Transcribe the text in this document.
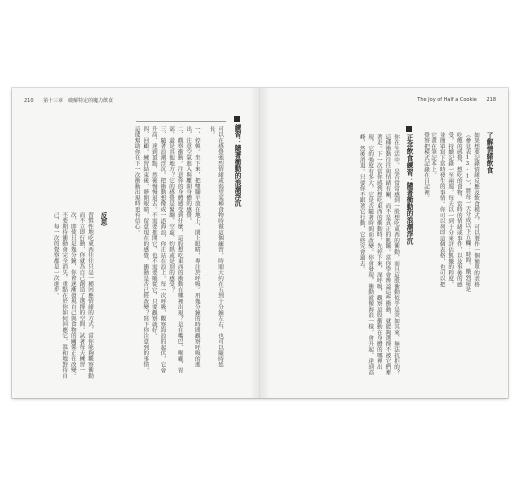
210 第十三章　破解特定的魔力飲食
練習：隨著衝動的浪潮浮沉
可以在感覺強烈情緒或渴望某種食物時做這個練習，時間大約在五到十分鐘左右，也可以隨時延長。
一、停頓。坐下來，把雙腳平放在地上，閉上眼睛，專注於呼吸。用幾分鐘的時間觀察呼吸的進出，注意空氣進入與離開身體的感覺。
二、觀察衝動。注意你的身體感受到什麼，這股想吃東西的衝動在哪裡出現？是在嘴巴、喉嚨、胃部，還是其他地方？它的感覺是緊繃、空虛、灼熱或是別的感受？
三、隨著浪潮浮沉。把衝動想像成一道海浪，你正站在浪上。每一次呼吸，觀察海浪的起伏，它會升高、達到頂點，然後慢慢退去。不需要推開它，也不需要順從它，只要觀察就好。
四、回顧。練習結束後，睜開眼睛，留意現在的感覺，衝動是否已經改變？寫下你注意到的事情，這能幫助你在下一次衝動出現時更有信心。
反思
習慣性地吃東西往往只是一種回應情緒的方式，當你能夠觀察衝動而不立即行動，你就為自己創造了選擇的空間。試著每天練習一次，即使只是幾分鐘，你會逐漸發現自己與食物的關係正在改變。不要期待衝動會完全消失，重點在於你如何回應它，溫和地對待自己，每一次的覺察都是一次進步。
The Joy of Half a Cookie 218
了解情緒飲食
如果想要記錄情緒反應及飲食模式，可以製作一個簡單的表格（參見表13-1），將每一天分成以下五欄：時間、餓到還是吃飽的感覺、想吃的食物、當時的情緒或事件，以及事後的感受。持續記錄一至兩週，每天以一到十分來評估飢餓的程度，並簡單寫下當時發生的事情。你可以列印這個表格，也可以把它畫在筆記本上。
覺察把模式記錄在日記裡。
正念飲食練習：隨著衝動的浪潮浮沉
你在生活中，是否常常感到一股想吃東西的衝動，而且這股衝動似乎是突如其來、無法抗拒的？這種衝動往往與情緒有關，而不是真正的飢餓。當你學會辨認這些衝動，就能夠選擇不被它們牽著走。下一次當你感到想吃東西的衝動時，先停下來，深呼吸，觀察這股衝動在身體的哪裡出現，它的強度有多大，它是否隨著時間而改變。你會發現，衝動就像海浪一樣，會升起、達到高峰，然後消退。只要你不跟著它行動，它終究會過去。
